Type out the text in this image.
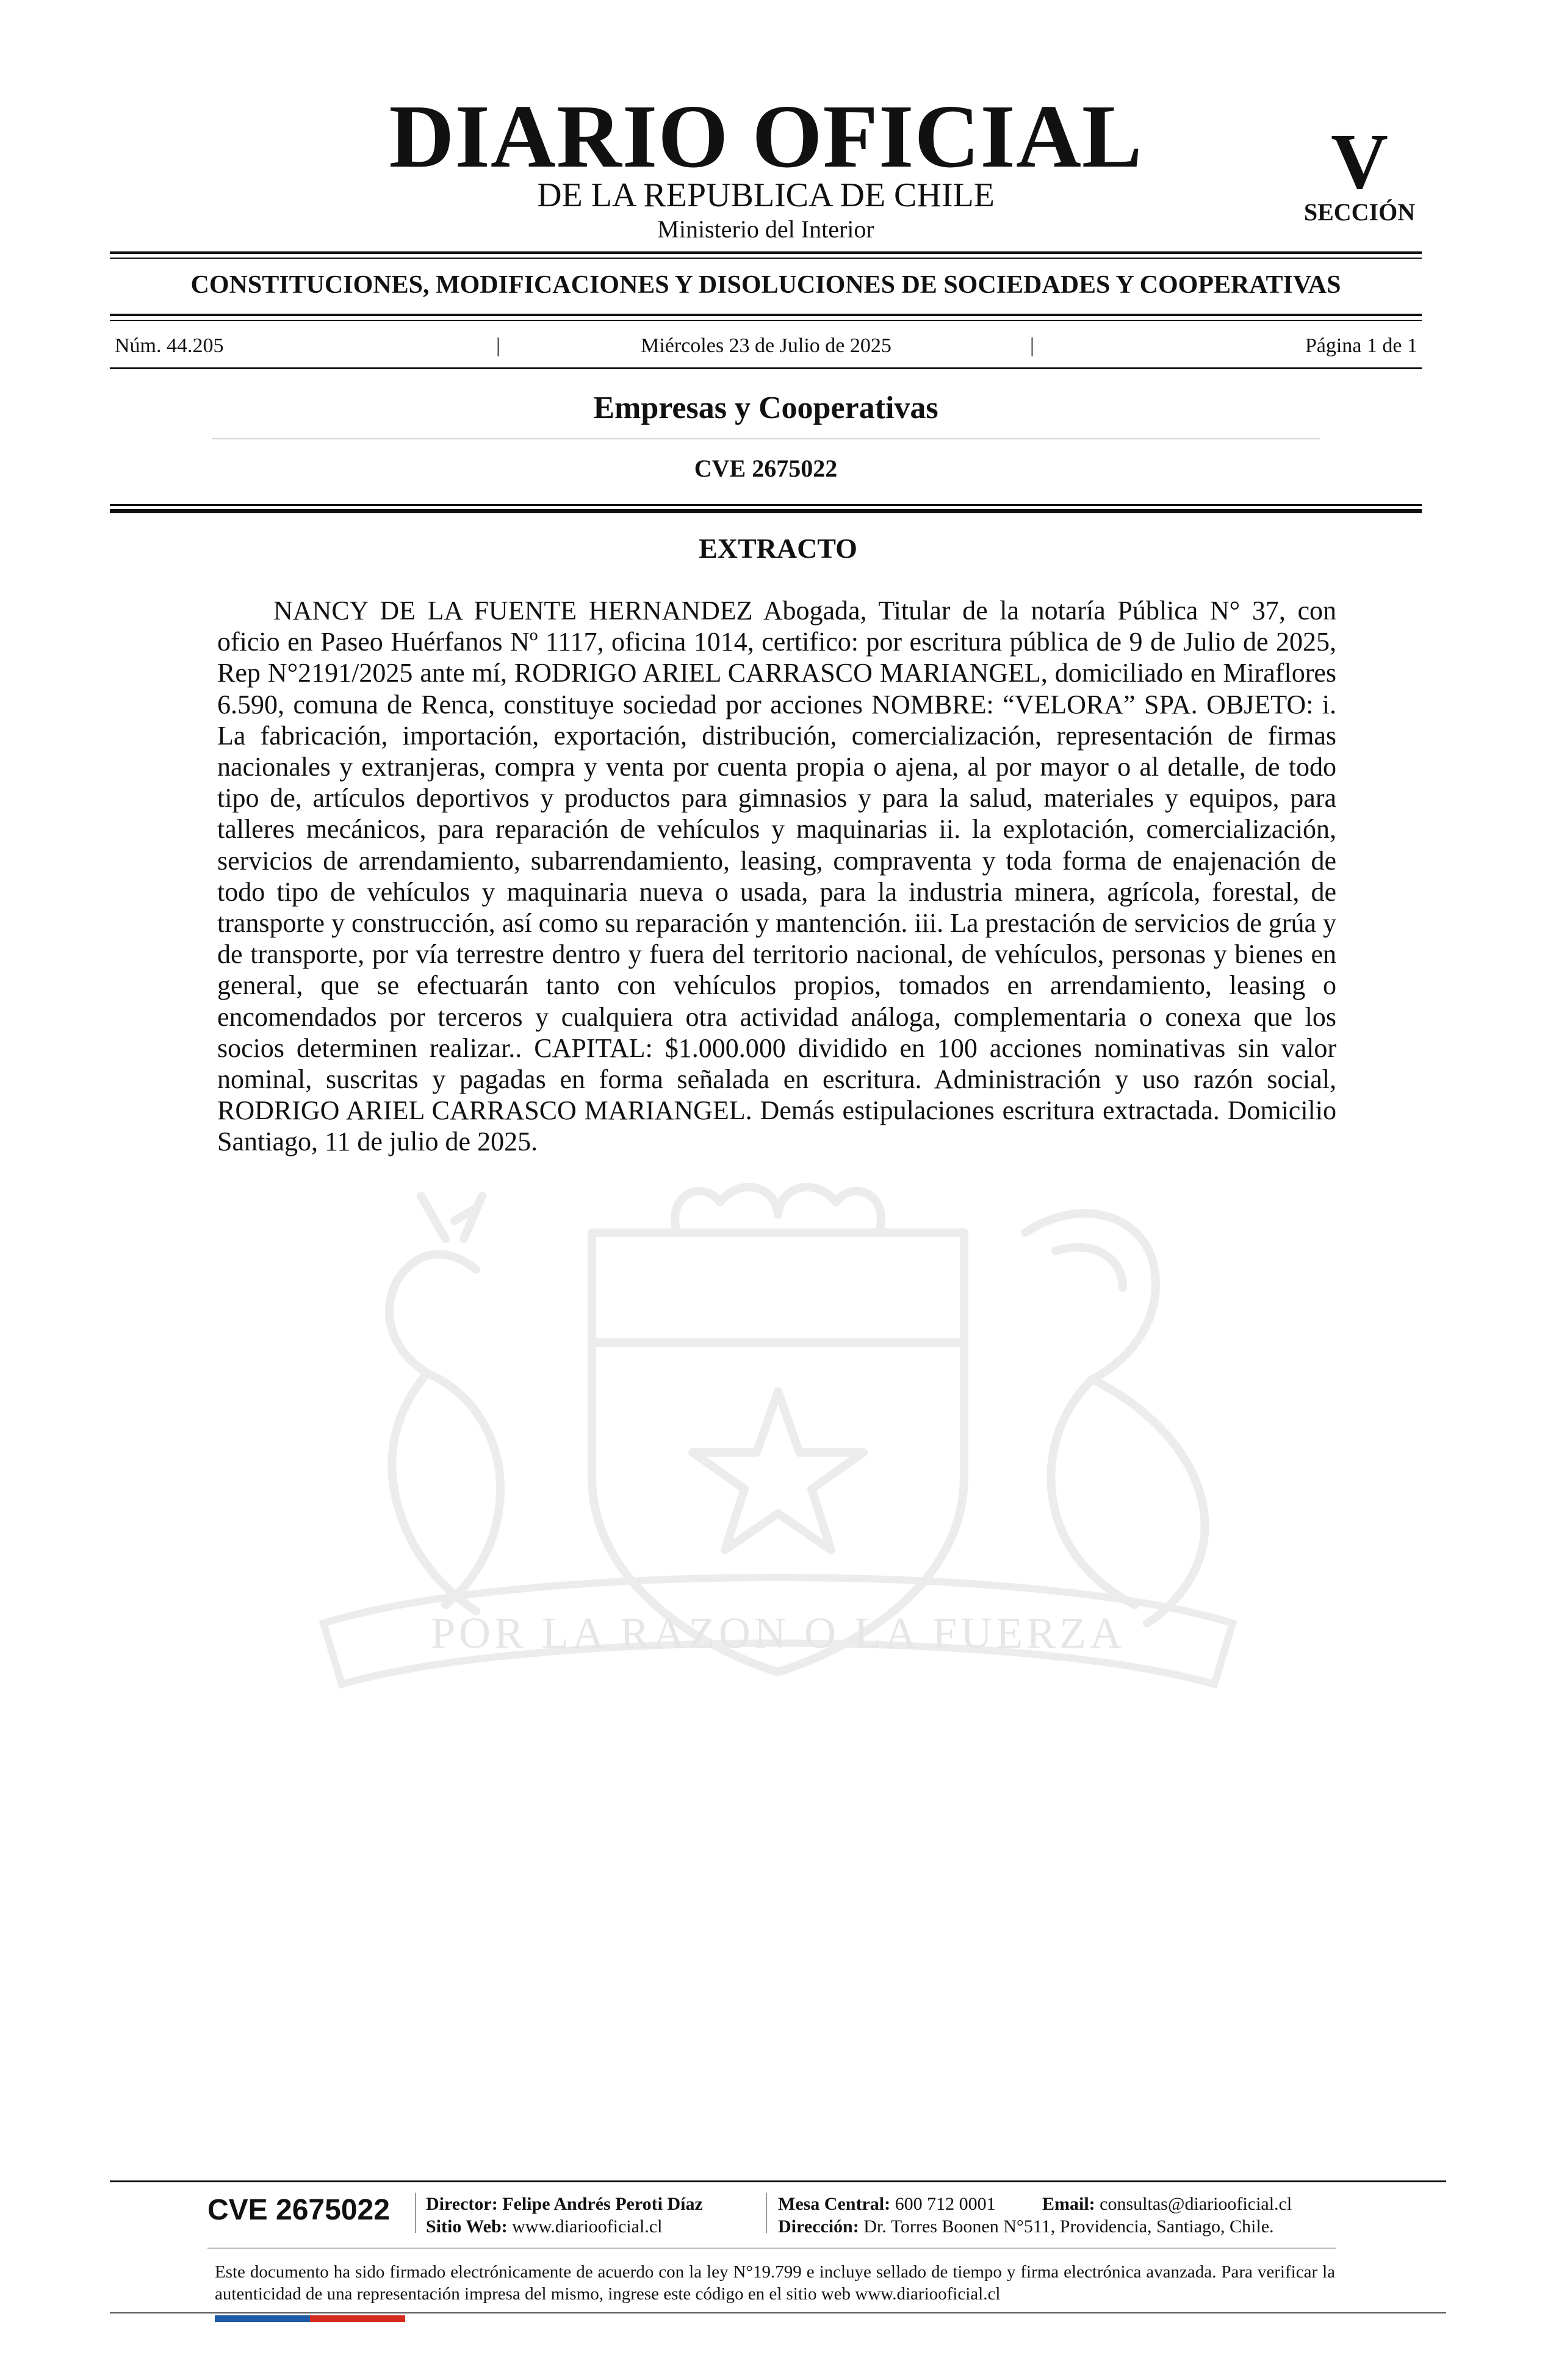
DIARIO OFICIAL
DE LA REPUBLICA DE CHILE
Ministerio del Interior
V
SECCIÓN
CONSTITUCIONES, MODIFICACIONES Y DISOLUCIONES DE SOCIEDADES Y COOPERATIVAS
Núm. 44.205	|	Miércoles 23 de Julio de 2025	|	Página 1 de 1
Empresas y Cooperativas
CVE 2675022
POR LA RAZON O LA FUERZA
EXTRACTO

NANCY DE LA FUENTE HERNANDEZ Abogada, Titular de la notaría Pública N° 37, con oficio en Paseo Huérfanos Nº 1117, oficina 1014, certifico: por escritura pública de 9 de Julio de 2025, Rep N°2191/2025 ante mí, RODRIGO ARIEL CARRASCO MARIANGEL, domiciliado en Miraflores 6.590, comuna de Renca, constituye sociedad por acciones NOMBRE: “VELORA” SPA. OBJETO: i. La fabricación, importación, exportación, distribución, comercialización, representación de firmas nacionales y extranjeras, compra y venta por cuenta propia o ajena, al por mayor o al detalle, de todo tipo de, artículos deportivos y productos para gimnasios y para la salud, materiales y equipos, para talleres mecánicos, para reparación de vehículos y maquinarias ii. la explotación, comercialización, servicios de arrendamiento, subarrendamiento, leasing, compraventa y toda forma de enajenación de todo tipo de vehículos y maquinaria nueva o usada, para la industria minera, agrícola, forestal, de transporte y construcción, así como su reparación y mantención. iii. La prestación de servicios de grúa y de transporte, por vía terrestre dentro y fuera del territorio nacional, de vehículos, personas y bienes en general, que se efectuarán tanto con vehículos propios, tomados en arrendamiento, leasing o encomendados por terceros y cualquiera otra actividad análoga, complementaria o conexa que los socios determinen realizar.. CAPITAL: $1.000.000 dividido en 100 acciones nominativas sin valor nominal, suscritas y pagadas en forma señalada en escritura. Administración y uso razón social, RODRIGO ARIEL CARRASCO MARIANGEL. Demás estipulaciones escritura extractada. Domicilio Santiago, 11 de julio de 2025.

CVE 2675022	Director: Felipe Andrés Peroti Díaz
Sitio Web: www.diariooficial.cl
Mesa Central: 600 712 0001	Email: consultas@diariooficial.cl
Dirección: Dr. Torres Boonen N°511, Providencia, Santiago, Chile.

Este documento ha sido firmado electrónicamente de acuerdo con la ley N°19.799 e incluye sellado de tiempo y firma electrónica avanzada. Para verificar la autenticidad de una representación impresa del mismo, ingrese este código en el sitio web www.diariooficial.cl
